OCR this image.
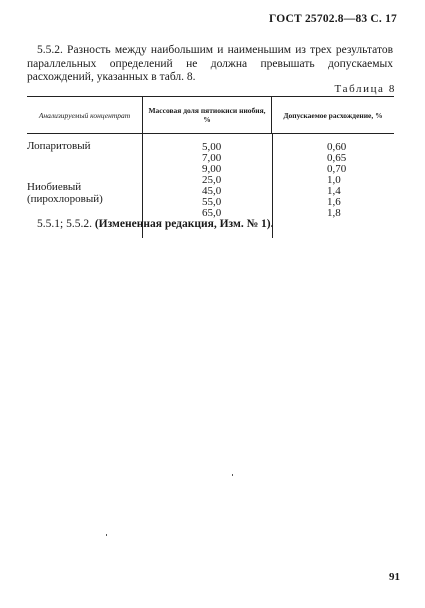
ГОСТ 25702.8—83 С. 17
5.5.2. Разность между наибольшим и наименьшим из трех результатов параллельных определений не должна превышать допускаемых расхождений, указанных в табл. 8.
Таблица 8
Анализируемый концентрат	Массовая доля пятиокиси ниобия, %	Допускаемое расхождение, %
Лопаритовый
Ниобиевый
(пирохлоровый)
5,00
7,00
9,00
25,0
45,0
55,0
65,0
0,60
0,65
0,70
1,0
1,4
1,6
1,8
5.5.1; 5.5.2. (Измененная редакция, Изм. № 1).
91
